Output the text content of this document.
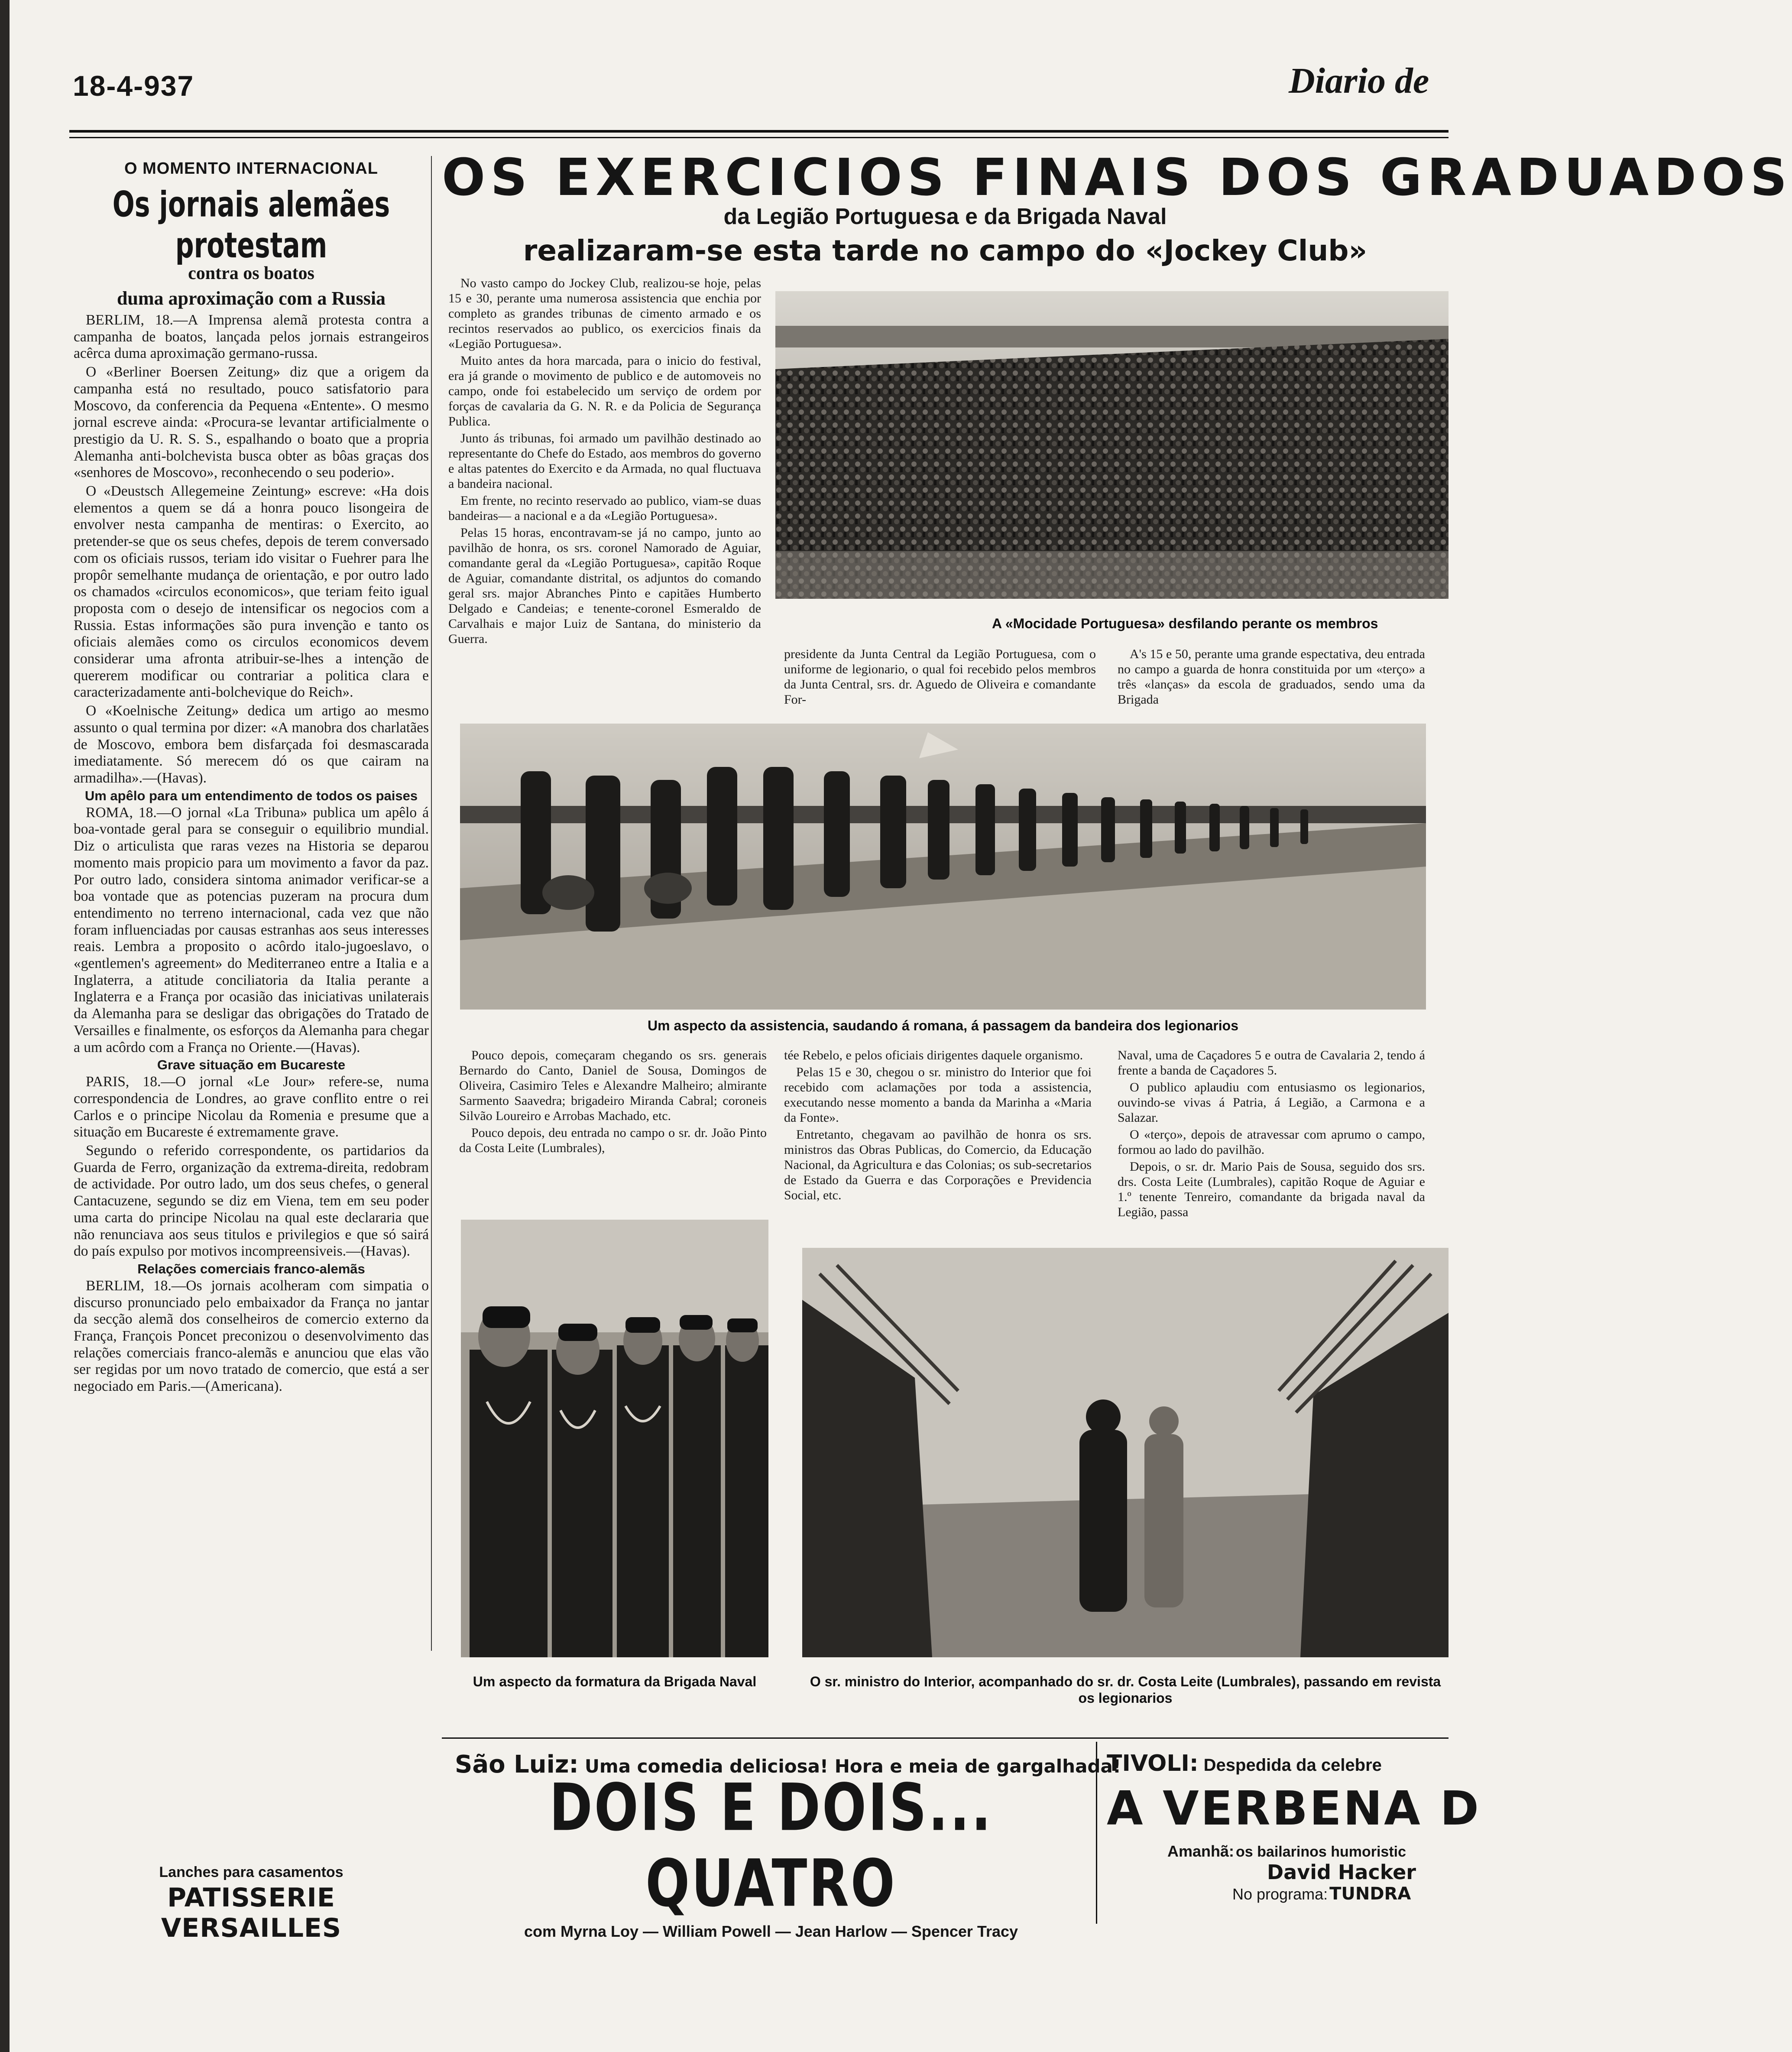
18-4-937	Diario de
O MOMENTO INTERNACIONAL
Os jornais alemães protestam
contra os boatos
duma aproximação com a Russia

BERLIM, 18.—A Imprensa alemã protesta contra a campanha de boatos, lançada pelos jornais estrangeiros acêrca duma aproximação germano-russa.

O «Berliner Boersen Zeitung» diz que a origem da campanha está no resultado, pouco satisfatorio para Moscovo, da conferencia da Pequena «Entente». O mesmo jornal escreve ainda: «Procura-se levantar artificialmente o prestigio da U. R. S. S., espalhando o boato que a propria Alemanha anti-bolchevista busca obter as bôas graças dos «senhores de Moscovo», reconhecendo o seu poderio».

O «Deustsch Allegemeine Zeintung» escreve: «Ha dois elementos a quem se dá a honra pouco lisongeira de envolver nesta campanha de mentiras: o Exercito, ao pretender-se que os seus chefes, depois de terem conversado com os oficiais russos, teriam ido visitar o Fuehrer para lhe propôr semelhante mudança de orientação, e por outro lado os chamados «circulos economicos», que teriam feito igual proposta com o desejo de intensificar os negocios com a Russia. Estas informações são pura invenção e tanto os oficiais alemães como os circulos economicos devem considerar uma afronta atribuir-se-lhes a intenção de quererem modificar ou contrariar a politica clara e caracterizadamente anti-bolchevique do Reich».

O «Koelnische Zeitung» dedica um artigo ao mesmo assunto o qual termina por dizer: «A manobra dos charlatães de Moscovo, embora bem disfarçada foi desmascarada imediatamente. Só merecem dó os que cairam na armadilha».—(Havas).

Um apêlo para um entendimento de todos os paises

ROMA, 18.—O jornal «La Tribuna» publica um apêlo á boa-vontade geral para se conseguir o equilibrio mundial. Diz o articulista que raras vezes na Historia se deparou momento mais propicio para um movimento a favor da paz. Por outro lado, considera sintoma animador verificar-se a boa vontade que as potencias puzeram na procura dum entendimento no terreno internacional, cada vez que não foram influenciadas por causas estranhas aos seus interesses reais. Lembra a proposito o acôrdo italo-jugoeslavo, o «gentlemen's agreement» do Mediterraneo entre a Italia e a Inglaterra, a atitude conciliatoria da Italia perante a Inglaterra e a França por ocasião das iniciativas unilaterais da Alemanha para se desligar das obrigações do Tratado de Versailles e finalmente, os esforços da Alemanha para chegar a um acôrdo com a França no Oriente.—(Havas).

Grave situação em Bucareste

PARIS, 18.—O jornal «Le Jour» refere-se, numa correspondencia de Londres, ao grave conflito entre o rei Carlos e o principe Nicolau da Romenia e presume que a situação em Bucareste é extremamente grave.

Segundo o referido correspondente, os partidarios da Guarda de Ferro, organização da extrema-direita, redobram de actividade. Por outro lado, um dos seus chefes, o general Cantacuzene, segundo se diz em Viena, tem em seu poder uma carta do principe Nicolau na qual este declararia que não renunciava aos seus titulos e privilegios e que só sairá do país expulso por motivos incompreensiveis.—(Havas).

Relações comerciais franco-alemãs

BERLIM, 18.—Os jornais acolheram com simpatia o discurso pronunciado pelo embaixador da França no jantar da secção alemã dos conselheiros de comercio externo da França, François Poncet preconizou o desenvolvimento das relações comerciais franco-alemãs e anunciou que elas vão ser regidas por um novo tratado de comercio, que está a ser negociado em Paris.—(Americana).

Lanches para casamentos
PATISSERIE VERSAILLES
OS EXERCICIOS FINAIS DOS GRADUADOS
da Legião Portuguesa e da Brigada Naval
realizaram-se esta tarde no campo do «Jockey Club»

No vasto campo do Jockey Club, realizou-se hoje, pelas 15 e 30, perante uma numerosa assistencia que enchia por completo as grandes tribunas de cimento armado e os recintos reservados ao publico, os exercicios finais da «Legião Portuguesa».

Muito antes da hora marcada, para o inicio do festival, era já grande o movimento de publico e de automoveis no campo, onde foi estabelecido um serviço de ordem por forças de cavalaria da G. N. R. e da Policia de Segurança Publica.

Junto ás tribunas, foi armado um pavilhão destinado ao representante do Chefe do Estado, aos membros do governo e altas patentes do Exercito e da Armada, no qual fluctuava a bandeira nacional.

Em frente, no recinto reservado ao publico, viam-se duas bandeiras— a nacional e a da «Legião Portuguesa».

Pelas 15 horas, encontravam-se já no campo, junto ao pavilhão de honra, os srs. coronel Namorado de Aguiar, comandante geral da «Legião Portuguesa», capitão Roque de Aguiar, comandante distrital, os adjuntos do comando geral srs. major Abranches Pinto e capitães Humberto Delgado e Candeias; e tenente-coronel Esmeraldo de Carvalhais e major Luiz de Santana, do ministerio da Guerra.

A «Mocidade Portuguesa» desfilando perante os membros

presidente da Junta Central da Legião Portuguesa, com o uniforme de legionario, o qual foi recebido pelos membros da Junta Central, srs. dr. Aguedo de Oliveira e comandante For-

A's 15 e 50, perante uma grande espectativa, deu entrada no campo a guarda de honra constituida por um «terço» a três «lanças» da escola de graduados, sendo uma da Brigada

Um aspecto da assistencia, saudando á romana, á passagem da bandeira dos legionarios

Pouco depois, começaram chegando os srs. generais Bernardo do Canto, Daniel de Sousa, Domingos de Oliveira, Casimiro Teles e Alexandre Malheiro; almirante Sarmento Saavedra; brigadeiro Miranda Cabral; coroneis Silvão Loureiro e Arrobas Machado, etc.

Pouco depois, deu entrada no campo o sr. dr. João Pinto da Costa Leite (Lumbrales),

tée Rebelo, e pelos oficiais dirigentes daquele organismo.

Pelas 15 e 30, chegou o sr. ministro do Interior que foi recebido com aclamações por toda a assistencia, executando nesse momento a banda da Marinha a «Maria da Fonte».

Entretanto, chegavam ao pavilhão de honra os srs. ministros das Obras Publicas, do Comercio, da Educação Nacional, da Agricultura e das Colonias; os sub-secretarios de Estado da Guerra e das Corporações e Previdencia Social, etc.

Naval, uma de Caçadores 5 e outra de Cavalaria 2, tendo á frente a banda de Caçadores 5.

O publico aplaudiu com entusiasmo os legionarios, ouvindo-se vivas á Patria, á Legião, a Carmona e a Salazar.

O «terço», depois de atravessar com aprumo o campo, formou ao lado do pavilhão.

Depois, o sr. dr. Mario Pais de Sousa, seguido dos srs. drs. Costa Leite (Lumbrales), capitão Roque de Aguiar e 1.º tenente Tenreiro, comandante da brigada naval da Legião, passa

Um aspecto da formatura da Brigada Naval	O sr. ministro do Interior, acompanhado do sr. dr. Costa Leite (Lumbrales), passando em revista os legionarios
São Luiz: Uma comedia deliciosa! Hora e meia de gargalhada!
DOIS E DOIS... QUATRO
com Myrna Loy — William Powell — Jean Harlow — Spencer Tracy
TIVOLI: Despedida da celebre
A VERBENA D
Amanhã: os bailarinos humoristic
David Hacker
No programa: TUNDRA
